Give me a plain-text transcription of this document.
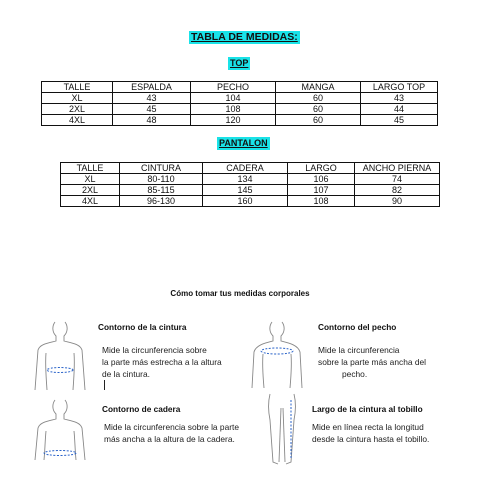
TABLA DE MEDIDAS:
TOP
TALLE	ESPALDA	PECHO	MANGA	LARGO TOP
XL	43	104	60	43
2XL	45	108	60	44
4XL	48	120	60	45
PANTALON
TALLE	CINTURA	CADERA	LARGO	ANCHO PIERNA
XL	80-110	134	106	74
2XL	85-115	145	107	82
4XL	96-130	160	108	90
Cómo tomar tus medidas corporales
Contorno de la cintura
Mide la circunferencia sobre
la parte más estrecha a la altura
de la cintura.
Contorno del pecho
Mide la circunferencia
sobre la parte más ancha del
pecho.
Contorno de cadera
Mide la circunferencia sobre la parte
más ancha a la altura de la cadera.
Largo de la cintura al tobillo
Mide en línea recta la longitud
desde la cintura hasta el tobillo.
